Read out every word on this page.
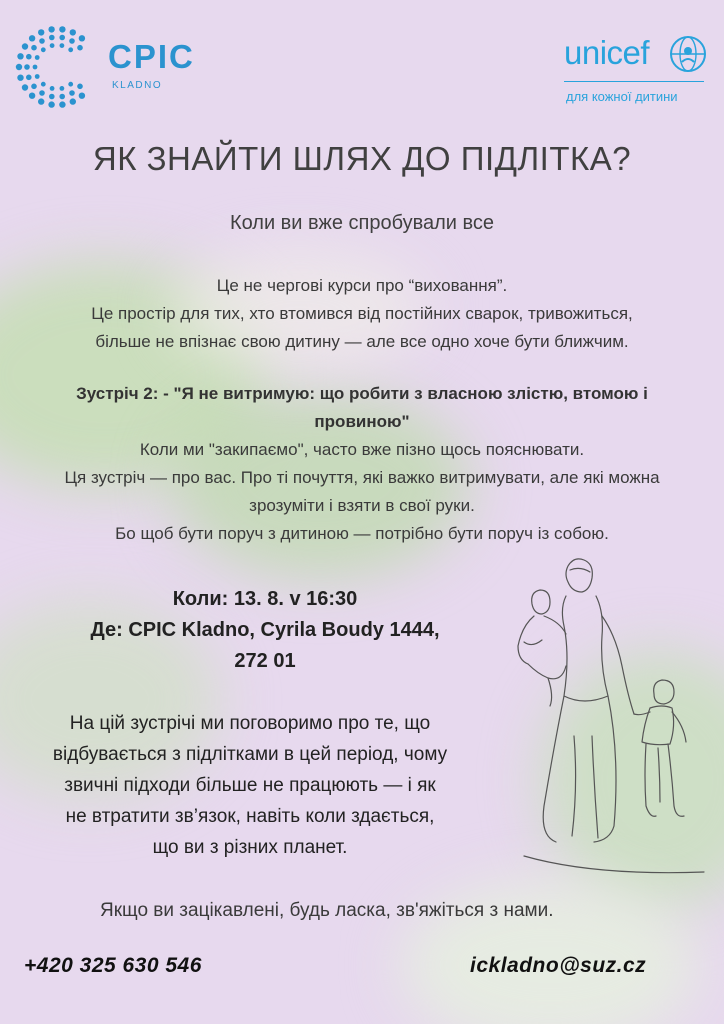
CPIC
KLADNO
unicef
для кожної дитини
ЯК ЗНАЙТИ ШЛЯХ ДО ПІДЛІТКА?
Коли ви вже спробували все
Це не чергові курси про “виховання”.
Це простір для тих, хто втомився від постійних сварок, тривожиться,
більше не впізнає свою дитину — але все одно хоче бути ближчим.
Зустріч 2: - "Я не витримую: що робити з власною злістю, втомою і
провиною"
Коли ми "закипаємо", часто вже пізно щось пояснювати.
Ця зустріч — про вас. Про ті почуття, які важко витримувати, але які можна
зрозуміти і взяти в свої руки.
Бо щоб бути поруч з дитиною — потрібно бути поруч із собою.
Коли: 13. 8. v 16:30
Де: CPIC Kladno, Cyrila Boudy 1444,
272 01
На цій зустрічі ми поговоримо про те, що
відбувається з підлітками в цей період, чому
звичні підходи більше не працюють — і як
не втратити зв’язок, навіть коли здається,
що ви з різних планет.
Якщо ви зацікавлені, будь ласка, зв'яжіться з нами.
+420 325 630 546	ickladno@suz.cz
